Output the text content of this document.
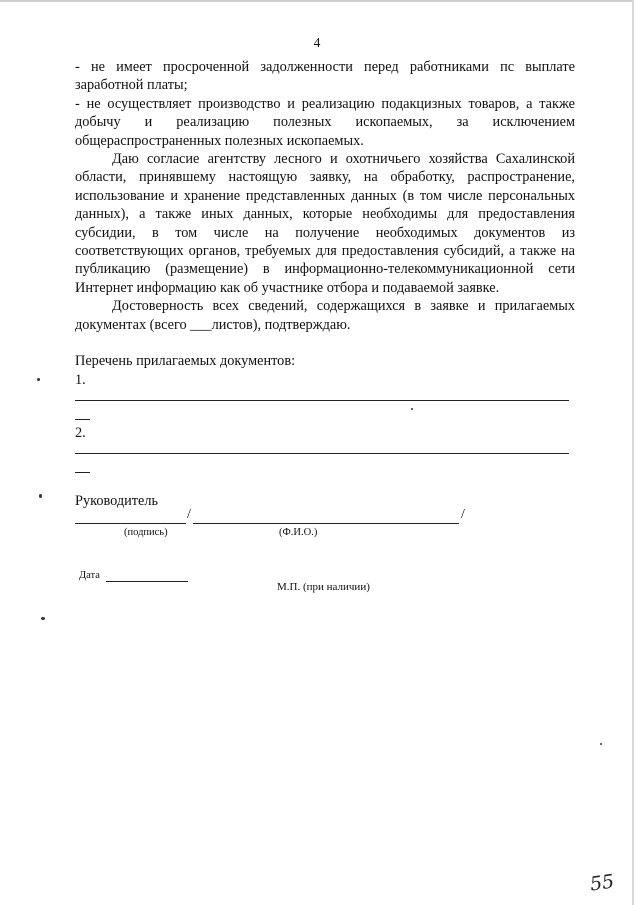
4

- не имеет просроченной задолженности перед работниками пс выплате заработной платы;

- не осуществляет производство и реализацию подакцизных товаров, а также добычу и реализацию полезных ископаемых, за исключением общераспространенных полезных ископаемых.

Даю согласие агентству лесного и охотничьего хозяйства Сахалинской области, принявшему настоящую заявку, на обработку, распространение, использование и хранение представленных данных (в том числе персональных данных), а также иных данных, которые необходимы для предоставления субсидии, в том числе на получение необходимых документов из соответствующих органов, требуемых для предоставления субсидий, а также на публикацию (размещение) в информационно-телекоммуникационной сети Интернет информацию как об участнике отбора и подаваемой заявке.

Достоверность всех сведений, содержащихся в заявке и прилагаемых документах (всего ___листов), подтверждаю.

Перечень прилагаемых документов:
1.
2.
Руководитель
/	/
(подпись)	(Ф.И.О.)
Дата
М.П. (при наличии)
55
